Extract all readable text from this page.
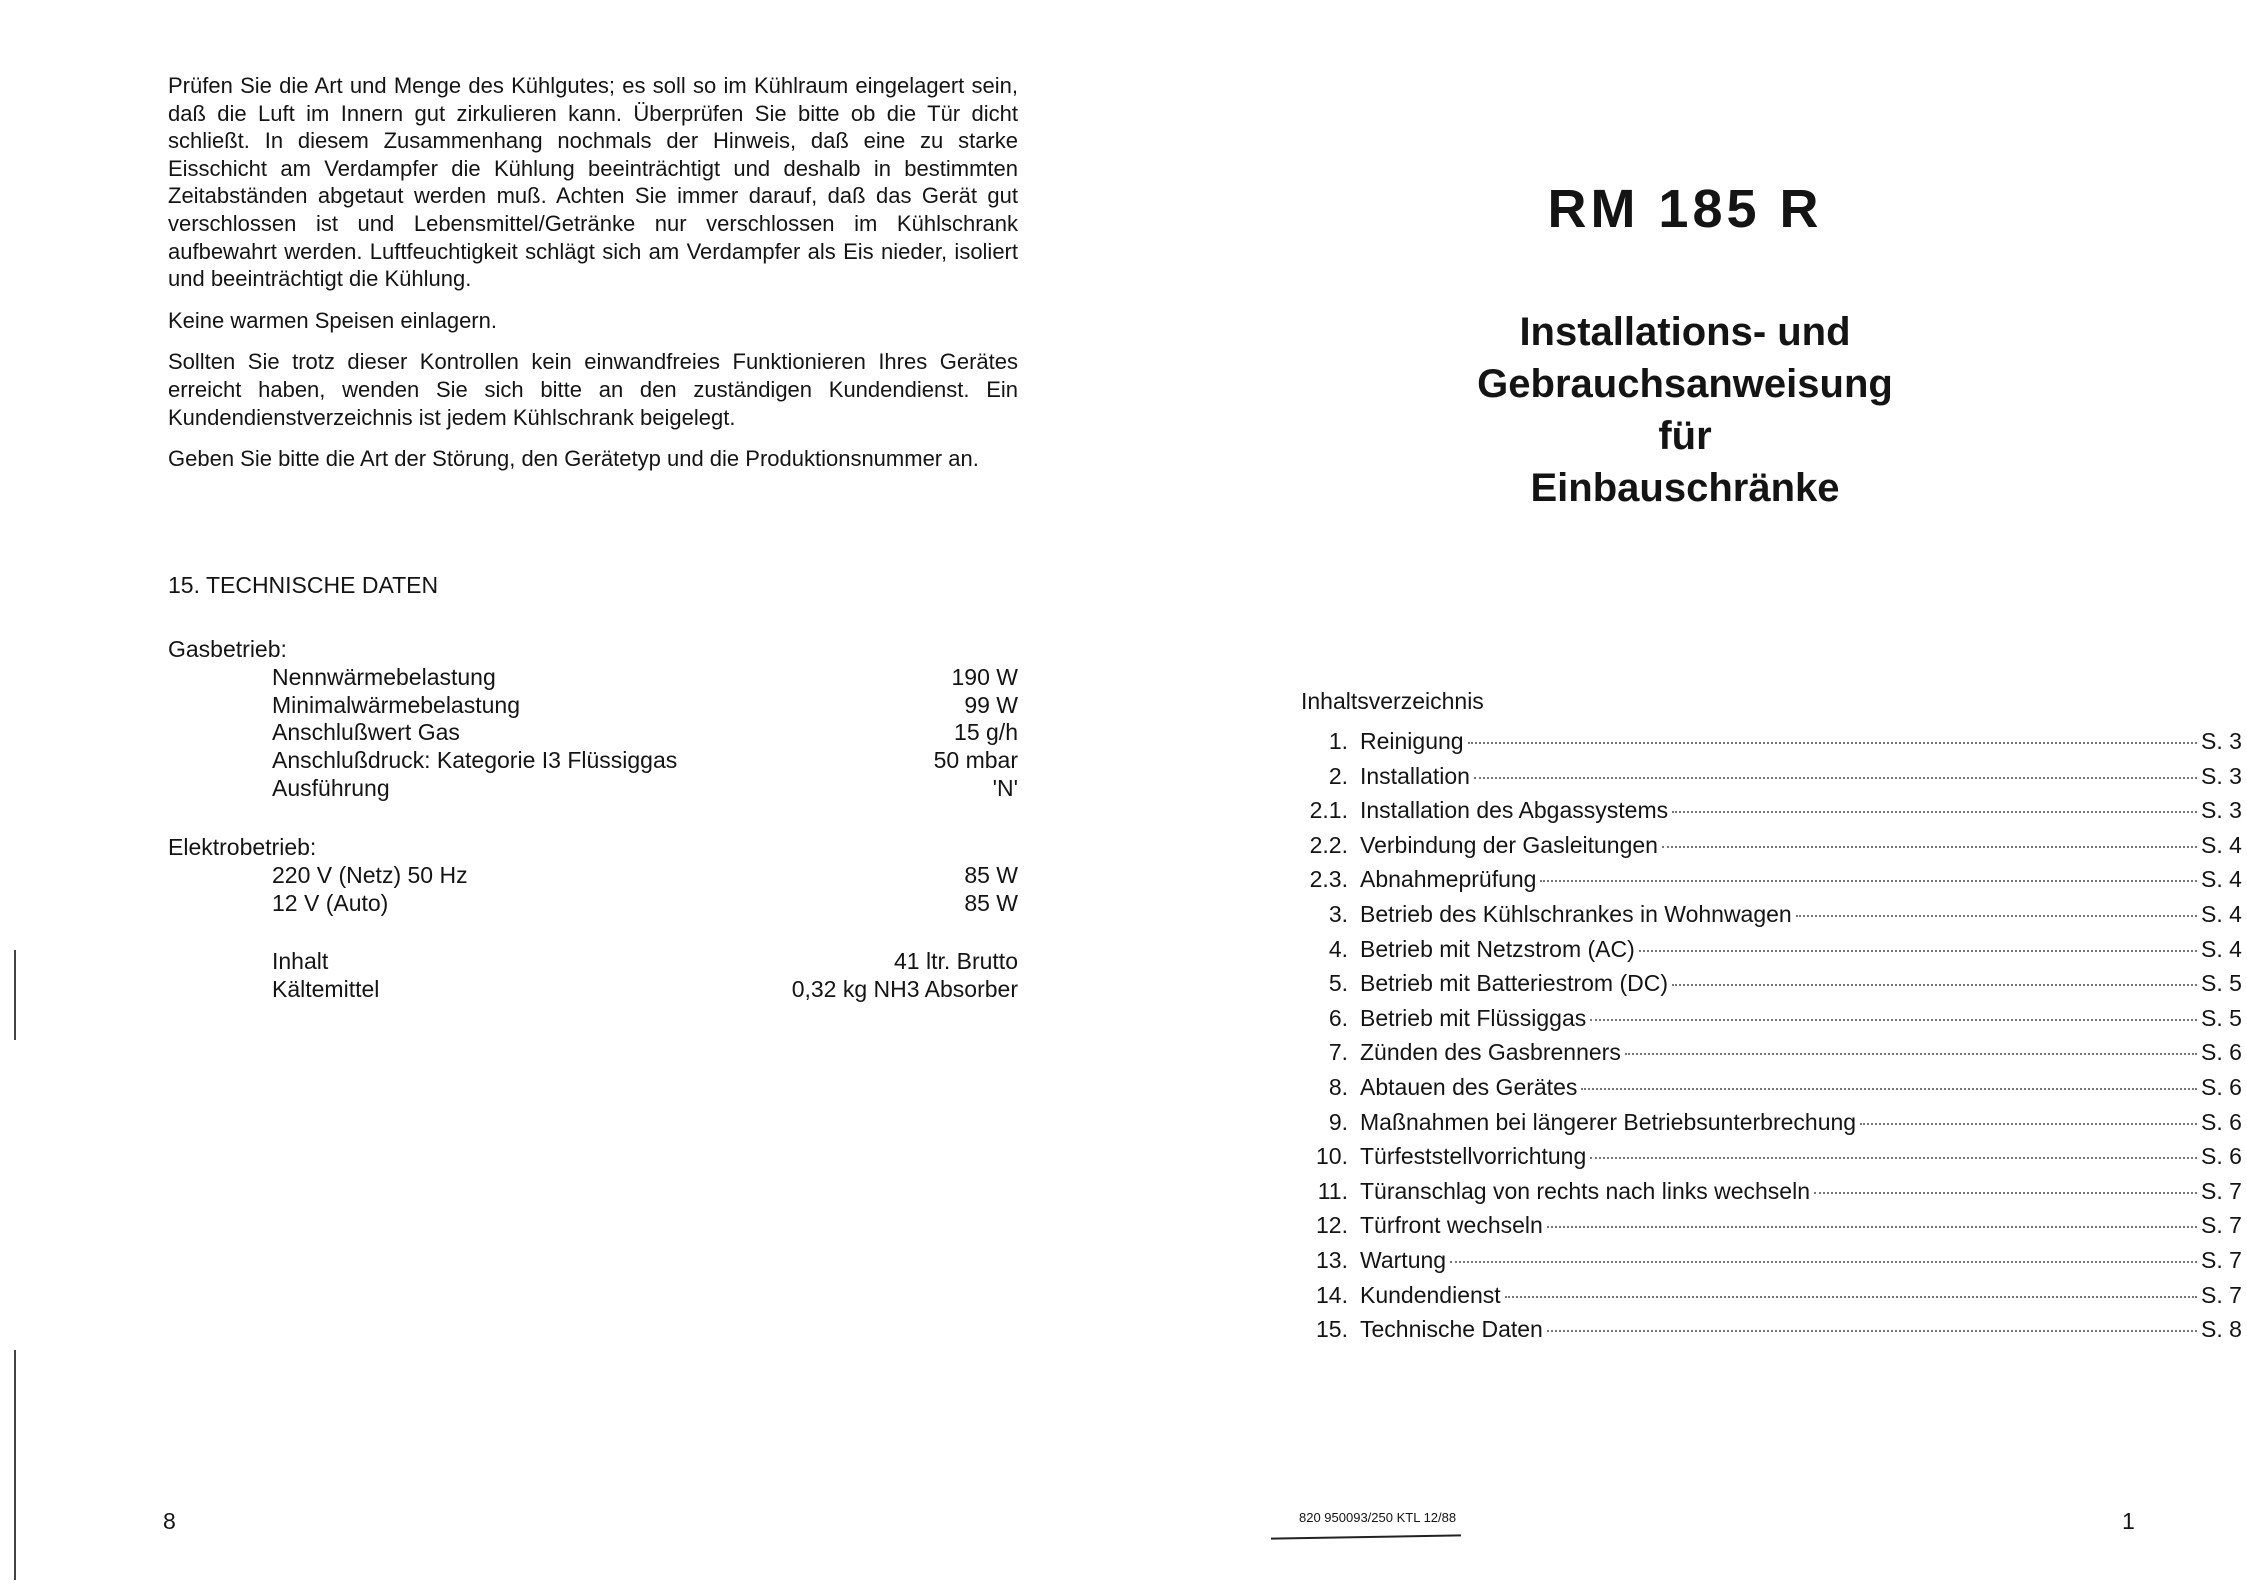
Prüfen Sie die Art und Menge des Kühlgutes; es soll so im Kühlraum eingelagert sein, daß die Luft im Innern gut zirkulieren kann. Überprüfen Sie bitte ob die Tür dicht schließt. In diesem Zusammenhang nochmals der Hinweis, daß eine zu starke Eisschicht am Verdampfer die Kühlung beeinträchtigt und deshalb in bestimmten Zeitabständen abgetaut werden muß. Achten Sie immer darauf, daß das Gerät gut verschlossen ist und Lebensmittel/Getränke nur verschlossen im Kühlschrank aufbewahrt werden. Luftfeuchtigkeit schlägt sich am Verdampfer als Eis nieder, isoliert und beeinträchtigt die Kühlung.

Keine warmen Speisen einlagern.

Sollten Sie trotz dieser Kontrollen kein einwandfreies Funktionieren Ihres Gerätes erreicht haben, wenden Sie sich bitte an den zuständigen Kundendienst. Ein Kundendienstverzeichnis ist jedem Kühlschrank beigelegt.

Geben Sie bitte die Art der Störung, den Gerätetyp und die Produktionsnummer an.

15. TECHNISCHE DATEN
Gasbetrieb:
Nennwärmebelastung	190 W
Minimalwärmebelastung	99 W
Anschlußwert Gas	15 g/h
Anschlußdruck: Kategorie I3 Flüssiggas	50 mbar
Ausführung	'N'
Elektrobetrieb:
220 V (Netz) 50 Hz	85 W
12 V (Auto)	85 W
Inhalt	41 ltr. Brutto
Kältemittel	0,32 kg NH3 Absorber
8
RM 185 R
Installations- und
Gebrauchsanweisung
für
Einbauschränke
Inhaltsverzeichnis
1. Reinigung	S. 3
2. Installation	S. 3
2.1. Installation des Abgassystems	S. 3
2.2. Verbindung der Gasleitungen	S. 4
2.3. Abnahmeprüfung	S. 4
3. Betrieb des Kühlschrankes in Wohnwagen	S. 4
4. Betrieb mit Netzstrom (AC)	S. 4
5. Betrieb mit Batteriestrom (DC)	S. 5
6. Betrieb mit Flüssiggas	S. 5
7. Zünden des Gasbrenners	S. 6
8. Abtauen des Gerätes	S. 6
9. Maßnahmen bei längerer Betriebsunterbrechung	S. 6
10. Türfeststellvorrichtung	S. 6
11. Türanschlag von rechts nach links wechseln	S. 7
12. Türfront wechseln	S. 7
13. Wartung	S. 7
14. Kundendienst	S. 7
15. Technische Daten	S. 8
820 950093/250 KTL 12/88	1
